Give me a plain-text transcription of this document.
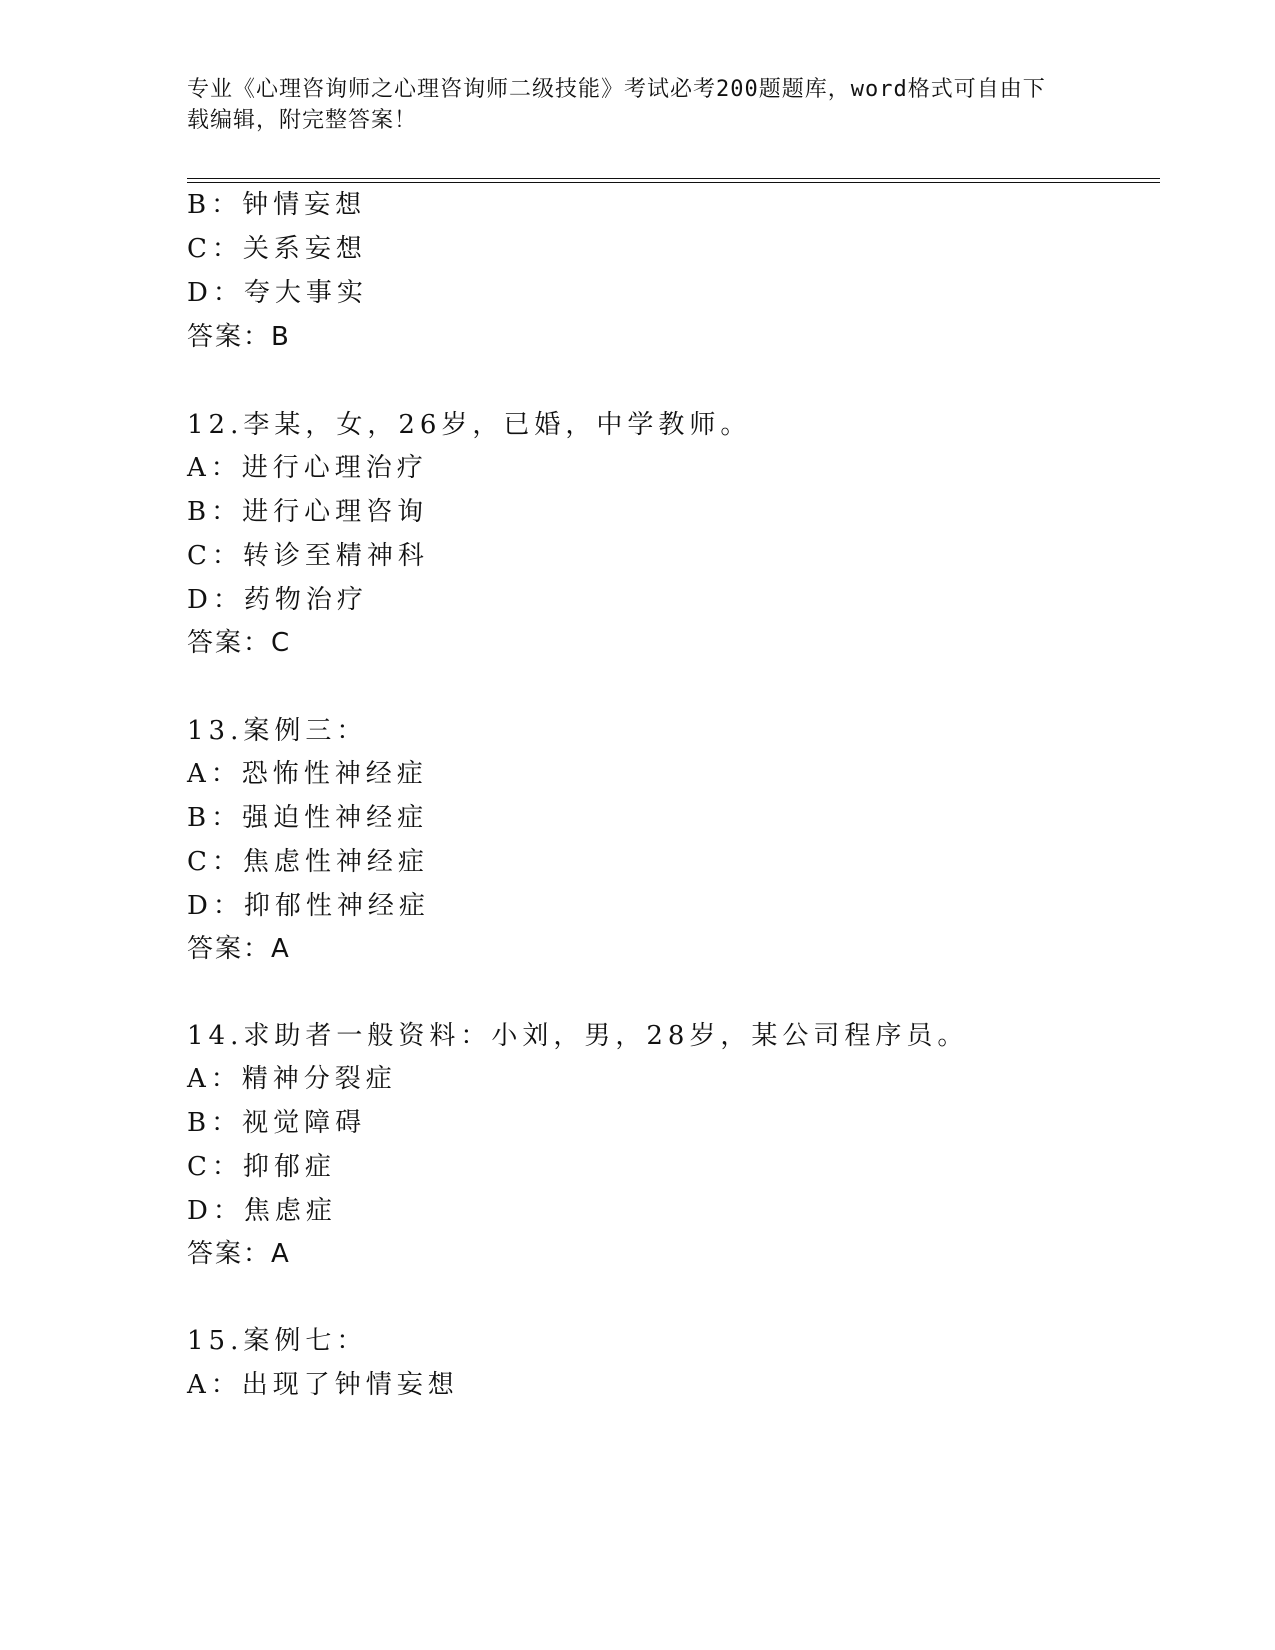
专业《心理咨询师之心理咨询师二级技能》考试必考200题题库，word格式可自由下载编辑，附完整答案！
B：钟情妄想
C：关系妄想
D：夸大事实
答案：B
12.李某，女，26岁，已婚，中学教师。
A：进行心理治疗
B：进行心理咨询
C：转诊至精神科
D：药物治疗
答案：C
13.案例三：
A：恐怖性神经症
B：强迫性神经症
C：焦虑性神经症
D：抑郁性神经症
答案：A
14.求助者一般资料：小刘，男，28岁，某公司程序员。
A：精神分裂症
B：视觉障碍
C：抑郁症
D：焦虑症
答案：A
15.案例七：
A：出现了钟情妄想
